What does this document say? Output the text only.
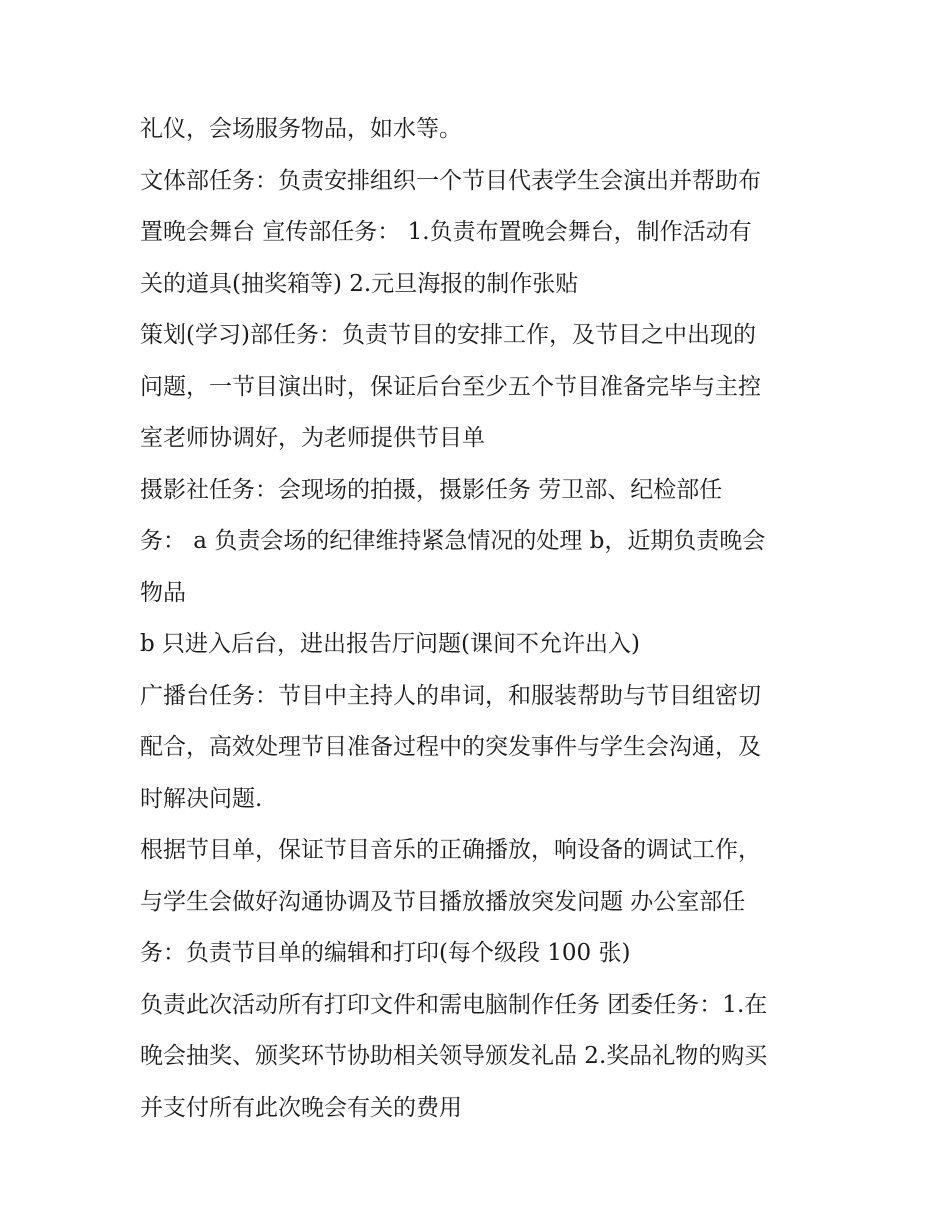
礼仪，会场服务物品，如水等。

文体部任务：负责安排组织一个节目代表学生会演出并帮助布

置晚会舞台 宣传部任务： 1.负责布置晚会舞台，制作活动有

关的道具(抽奖箱等) 2.元旦海报的制作张贴

策划(学习)部任务：负责节目的安排工作，及节目之中出现的

问题，一节目演出时，保证后台至少五个节目准备完毕与主控

室老师协调好，为老师提供节目单

摄影社任务：会现场的拍摄，摄影任务 劳卫部、纪检部任

务： a 负责会场的纪律维持紧急情况的处理 b，近期负责晚会

物品

b 只进入后台，进出报告厅问题(课间不允许出入)

广播台任务：节目中主持人的串词，和服装帮助与节目组密切

配合，高效处理节目准备过程中的突发事件与学生会沟通，及

时解决问题.

根据节目单，保证节目音乐的正确播放，响设备的调试工作，

与学生会做好沟通协调及节目播放播放突发问题 办公室部任

务：负责节目单的编辑和打印(每个级段 100 张)

负责此次活动所有打印文件和需电脑制作任务 团委任务：1.在

晚会抽奖、颁奖环节协助相关领导颁发礼品 2.奖品礼物的购买

并支付所有此次晚会有关的费用
